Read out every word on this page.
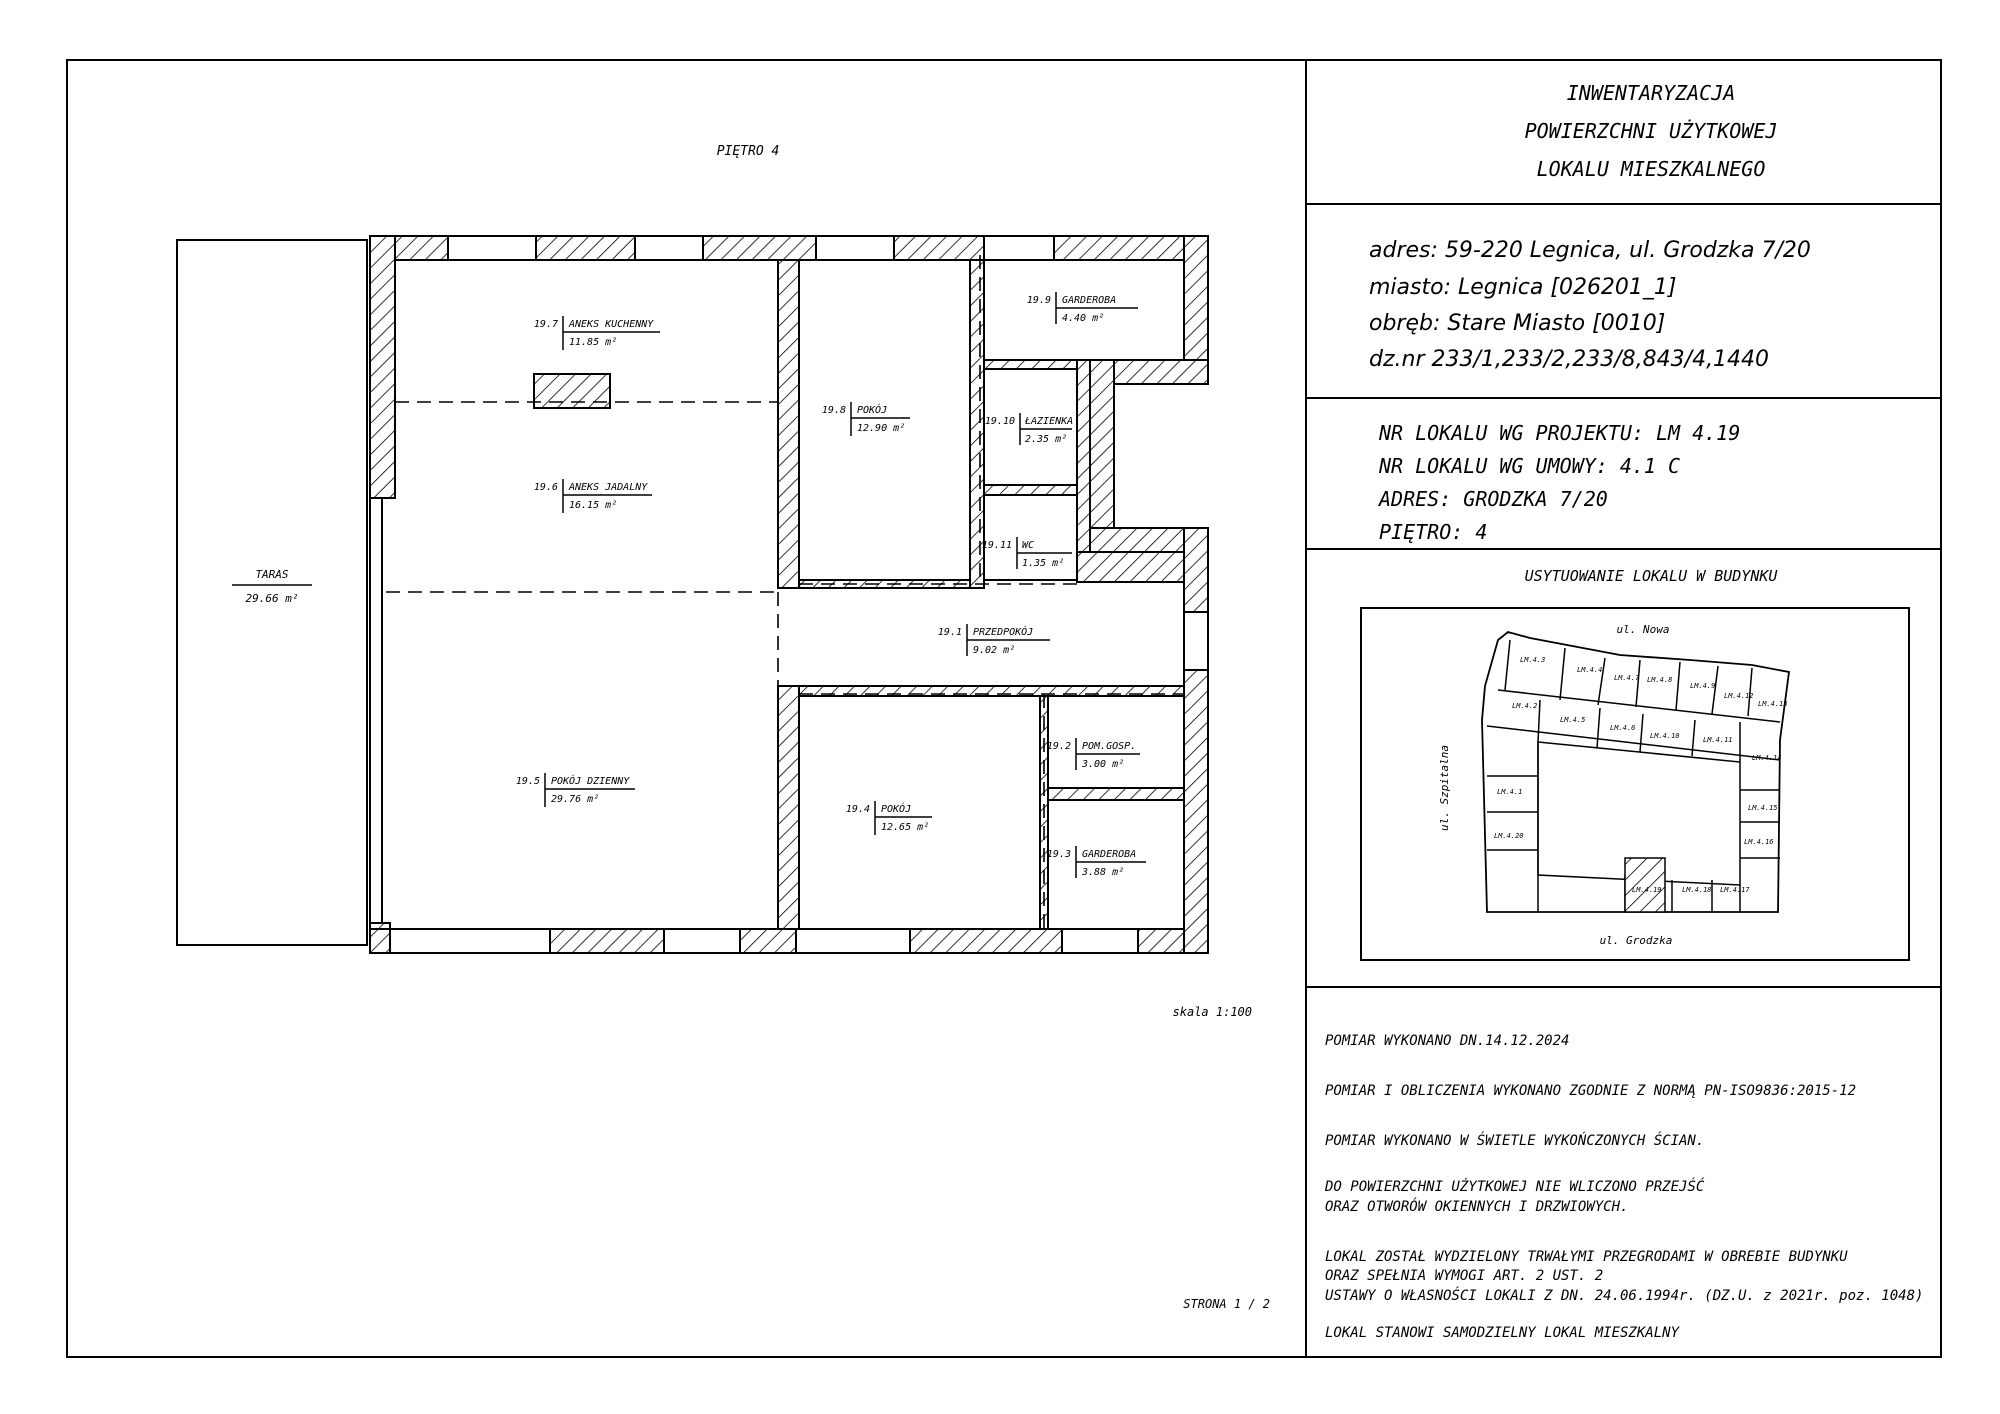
PIĘTRO 4
TARAS
29.66 m²
19.7 ANEKS KUCHENNY
11.85 m²
19.6 ANEKS JADALNY
16.15 m²
19.5 POKÓJ DZIENNY
29.76 m²
19.8 POKÓJ
12.90 m²
19.9 GARDEROBA
4.40 m²
19.10 ŁAZIENKA
2.35 m²
19.11 WC
1.35 m²
19.1 PRZEDPOKÓJ
9.02 m²
19.2 POM.GOSP.
3.00 m²
19.4 POKÓJ
12.65 m²
19.3 GARDEROBA
3.88 m²
skala 1:100
STRONA 1 / 2
INWENTARYZACJA
POWIERZCHNI UŻYTKOWEJ
LOKALU MIESZKALNEGO
adres: 59-220 Legnica, ul. Grodzka 7/20
miasto: Legnica [026201_1]
obręb: Stare Miasto [0010]
dz.nr 233/1,233/2,233/8,843/4,1440
NR LOKALU WG PROJEKTU: LM 4.19
NR LOKALU WG UMOWY: 4.1 C
ADRES: GRODZKA 7/20
PIĘTRO: 4
USYTUOWANIE LOKALU W BUDYNKU
ul. Nowa
ul. Grodzka
ul. Szpitalna
LM.4.3
LM.4.4
LM.4.7 LM.4.8
LM.4.9
LM.4.12
LM.4.13
LM.4.2
LM.4.5
LM.4.6
LM.4.10	LM.4.11
LM.4.14
LM.4.1
LM.4.15
LM.4.20
LM.4.16
LM.4.19	LM.4.18 LM.4.17
POMIAR WYKONANO DN.14.12.2024
POMIAR I OBLICZENIA WYKONANO ZGODNIE Z NORMĄ PN-ISO9836:2015-12
POMIAR WYKONANO W ŚWIETLE WYKOŃCZONYCH ŚCIAN.
DO POWIERZCHNI UŻYTKOWEJ NIE WLICZONO PRZEJŚĆ
ORAZ OTWORÓW OKIENNYCH I DRZWIOWYCH.
LOKAL ZOSTAŁ WYDZIELONY TRWAŁYMI PRZEGRODAMI W OBREBIE BUDYNKU
ORAZ SPEŁNIA WYMOGI ART. 2 UST. 2
USTAWY O WŁASNOŚCI LOKALI Z DN. 24.06.1994r. (DZ.U. z 2021r. poz. 1048)
LOKAL STANOWI SAMODZIELNY LOKAL MIESZKALNY
